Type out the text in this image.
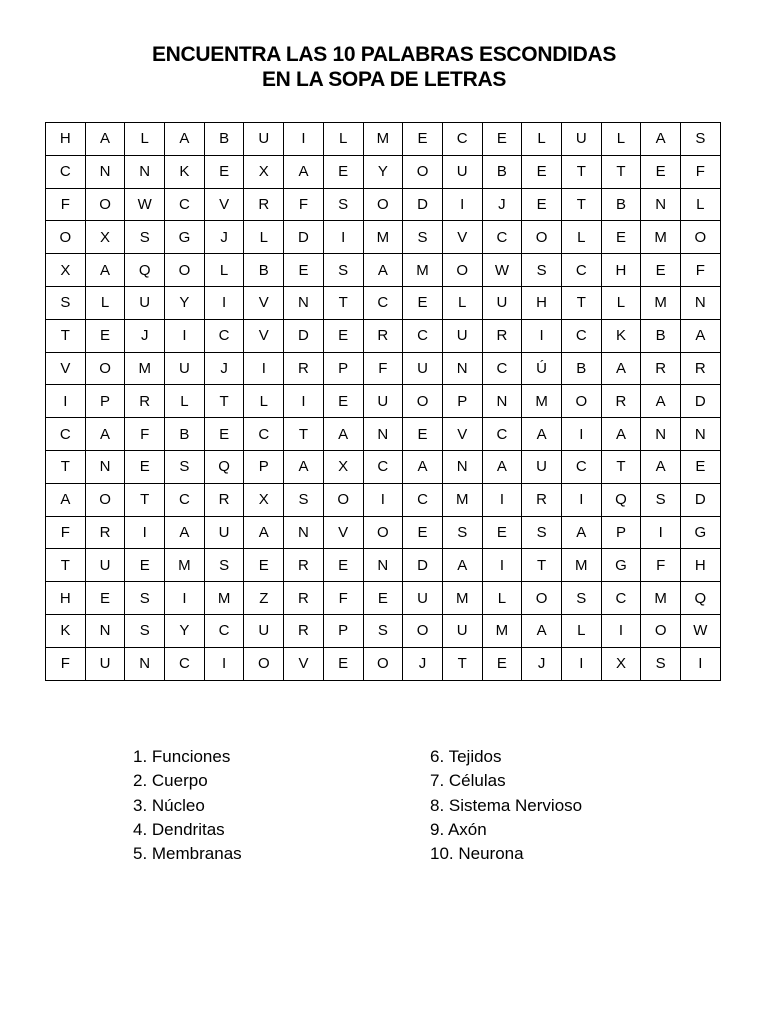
ENCUENTRA LAS 10 PALABRAS ESCONDIDAS
EN LA SOPA DE LETRAS
H	A	L	A	B	U	I	L	M	E	C	E	L	U	L	A	S
C	N	N	K	E	X	A	E	Y	O	U	B	E	T	T	E	F
F	O	W	C	V	R	F	S	O	D	I	J	E	T	B	N	L
O	X	S	G	J	L	D	I	M	S	V	C	O	L	E	M	O
X	A	Q	O	L	B	E	S	A	M	O	W	S	C	H	E	F
S	L	U	Y	I	V	N	T	C	E	L	U	H	T	L	M	N
T	E	J	I	C	V	D	E	R	C	U	R	I	C	K	B	A
V	O	M	U	J	I	R	P	F	U	N	C	Ú	B	A	R	R
I	P	R	L	T	L	I	E	U	O	P	N	M	O	R	A	D
C	A	F	B	E	C	T	A	N	E	V	C	A	I	A	N	N
T	N	E	S	Q	P	A	X	C	A	N	A	U	C	T	A	E
A	O	T	C	R	X	S	O	I	C	M	I	R	I	Q	S	D
F	R	I	A	U	A	N	V	O	E	S	E	S	A	P	I	G
T	U	E	M	S	E	R	E	N	D	A	I	T	M	G	F	H
H	E	S	I	M	Z	R	F	E	U	M	L	O	S	C	M	Q
K	N	S	Y	C	U	R	P	S	O	U	M	A	L	I	O	W
F	U	N	C	I	O	V	E	O	J	T	E	J	I	X	S	I
1. Funciones
2. Cuerpo
3. Núcleo
4. Dendritas
5. Membranas
6. Tejidos
7. Células
8. Sistema Nervioso
9. Axón
10. Neurona
